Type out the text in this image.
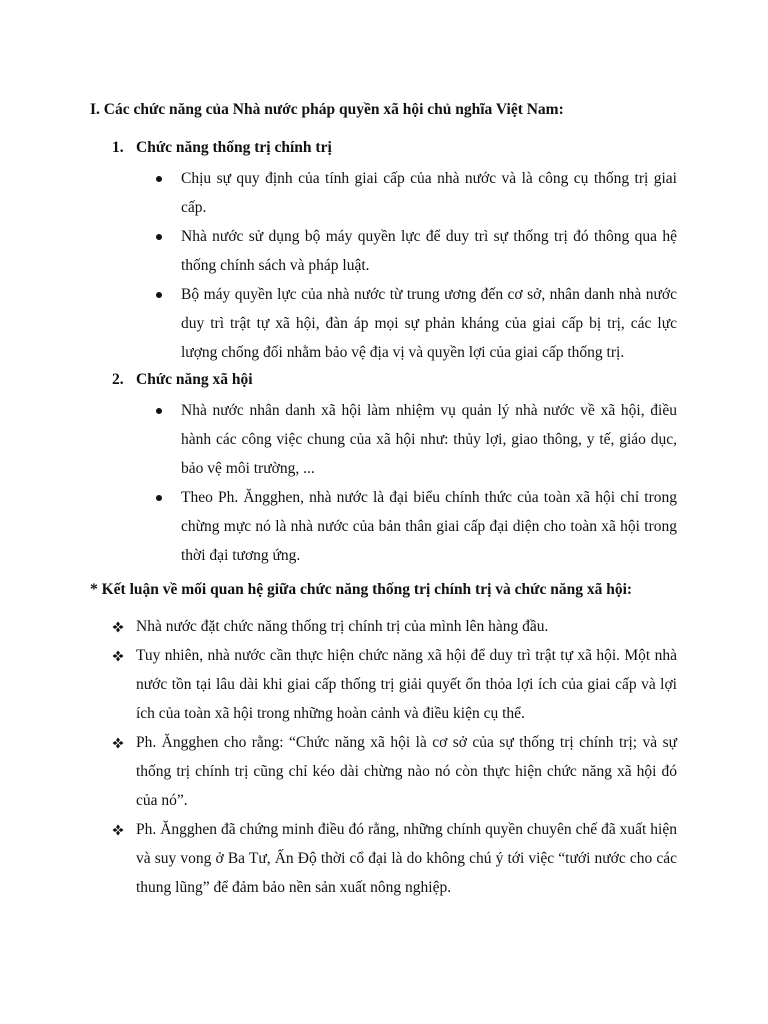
I. Các chức năng của Nhà nước pháp quyền xã hội chủ nghĩa Việt Nam:
1. Chức năng thống trị chính trị
Chịu sự quy định của tính giai cấp của nhà nước và là công cụ thống trị giai cấp.
Nhà nước sử dụng bộ máy quyền lực để duy trì sự thống trị đó thông qua hệ thống chính sách và pháp luật.
Bộ máy quyền lực của nhà nước từ trung ương đến cơ sở, nhân danh nhà nước duy trì trật tự xã hội, đàn áp mọi sự phản kháng của giai cấp bị trị, các lực lượng chống đối nhằm bảo vệ địa vị và quyền lợi của giai cấp thống trị.
2. Chức năng xã hội
Nhà nước nhân danh xã hội làm nhiệm vụ quản lý nhà nước về xã hội, điều hành các công việc chung của xã hội như: thủy lợi, giao thông, y tế, giáo dục, bảo vệ môi trường, ...
Theo Ph. Ăngghen, nhà nước là đại biểu chính thức của toàn xã hội chỉ trong chừng mực nó là nhà nước của bản thân giai cấp đại diện cho toàn xã hội trong thời đại tương ứng.
* Kết luận về mối quan hệ giữa chức năng thống trị chính trị và chức năng xã hội:
Nhà nước đặt chức năng thống trị chính trị của mình lên hàng đầu.
Tuy nhiên, nhà nước cần thực hiện chức năng xã hội để duy trì trật tự xã hội. Một nhà nước tồn tại lâu dài khi giai cấp thống trị giải quyết ổn thỏa lợi ích của giai cấp và lợi ích của toàn xã hội trong những hoàn cảnh và điều kiện cụ thể.
Ph. Ăngghen cho rằng: “Chức năng xã hội là cơ sở của sự thống trị chính trị; và sự thống trị chính trị cũng chỉ kéo dài chừng nào nó còn thực hiện chức năng xã hội đó của nó”.
Ph. Ăngghen đã chứng minh điều đó rằng, những chính quyền chuyên chế đã xuất hiện và suy vong ở Ba Tư, Ấn Độ thời cổ đại là do không chú ý tới việc “tưới nước cho các thung lũng” để đảm bảo nền sản xuất nông nghiệp.
